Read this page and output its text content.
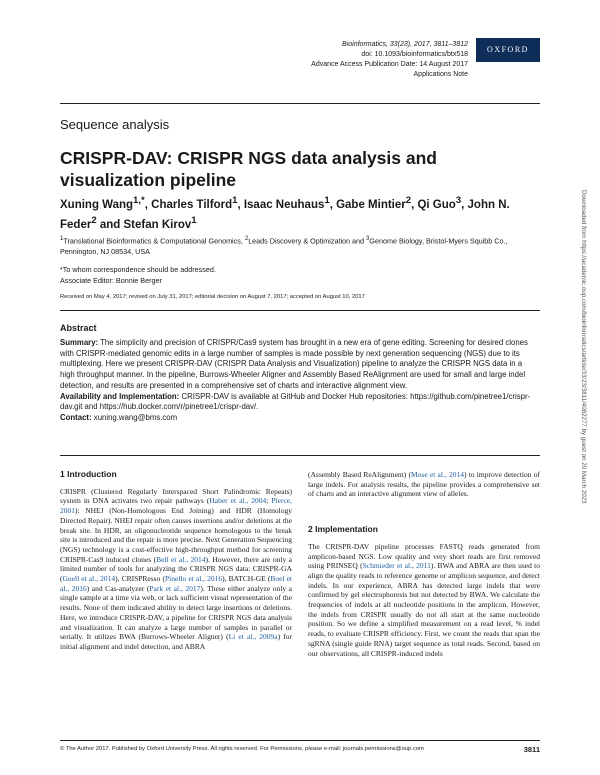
Bioinformatics, 33(23), 2017, 3811–3812
doi: 10.1093/bioinformatics/btx518
Advance Access Publication Date: 14 August 2017
Applications Note
OXFORD
Sequence analysis
CRISPR-DAV: CRISPR NGS data analysis and visualization pipeline
Xuning Wang$^{1,*}$, Charles Tilford$^1$, Isaac Neuhaus$^1$, Gabe Mintier$^2$, Qi Guo$^3$, John N. Feder$^2$ and Stefan Kirov$^1$
$^1$Translational Bioinformatics & Computational Genomics, $^2$Leads Discovery & Optimization and $^3$Genome Biology, Bristol-Myers Squibb Co., Pennington, NJ 08534, USA
*To whom correspondence should be addressed.
Associate Editor: Bonnie Berger
Received on May 4, 2017; revised on July 31, 2017; editorial decision on August 7, 2017; accepted on August 10, 2017
Abstract

Summary: The simplicity and precision of CRISPR/Cas9 system has brought in a new era of gene editing. Screening for desired clones with CRISPR-mediated genomic edits in a large number of samples is made possible by next generation sequencing (NGS) due to its multiplexing. Here we present CRISPR-DAV (CRISPR Data Analysis and Visualization) pipeline to analyze the CRISPR NGS data in a high throughput manner. In the pipeline, Burrows-Wheeler Aligner and Assembly Based ReAlignment are used for small and large indel detection, and results are presented in a comprehensive set of charts and interactive alignment view.

Availability and Implementation: CRISPR-DAV is available at GitHub and Docker Hub repositories: https://github.com/pinetree1/crispr-dav.git and https://hub.docker.com/r/pinetree1/crispr-dav/.

Contact: xuning.wang@bms.com

1 Introduction

CRISPR (Clustered Regularly Interspaced Short Palindromic Repeats) system in DNA activates two repair pathways (Haber et al., 2004; Pierce, 2001): NHEJ (Non-Homologous End Joining) and HDR (Homology Directed Repair). NHEJ repair often causes insertions and/or deletions at the break site. In HDR, an oligonucleotide sequence homologous to the break site is introduced and the repair is more precise. Next Generation Sequencing (NGS) technology is a cost-effective high-throughput method for screening CRISPR-Cas9 induced clones (Bell et al., 2014). However, there are only a limited number of tools for analyzing the CRISPR NGS data: CRISPR-GA (Guell et al., 2014), CRISPResso (Pinello et al., 2016), BATCH-GE (Boel et al., 2016) and Cas-analyzer (Park et al., 2017). These either analyze only a single sample at a time via web, or lack sufficient visual representation of the results. None of them indicated ability to detect large insertions or deletions. Here, we introduce CRISPR-DAV, a pipeline for CRISPR NGS data analysis and visualization. It can analyze a large number of samples in parallel or serially. It utilizes BWA (Burrows-Wheeler Aligner) (Li et al., 2009a) for initial alignment and indel detection, and ABRA

(Assembly Based ReAlignment) (Mose et al., 2014) to improve detection of large indels. For analysis results, the pipeline provides a comprehensive set of charts and an interactive alignment view of alleles.

2 Implementation

The CRISPR-DAV pipeline processes FASTQ reads generated from amplicon-based NGS. Low quality and very short reads are first removed using PRINSEQ (Schmieder et al., 2011). BWA and ABRA are then used to align the quality reads to reference genome or amplicon sequence, and detect indels. In our experience, ABRA has detected large indels that were confirmed by gel electrophoresis but not detected by BWA. We calculate the frequencies of indels at all nucleotide positions in the amplicon. However, the indels from CRISPR usually do not all start at the same nucleotide position. So we define a simplified measurement on a read level, % indel reads, to evaluate CRISPR efficiency. First, we count the reads that span the sgRNA (single guide RNA) target sequence as total reads. Second, based on our observations, all CRISPR-induced indels

© The Author 2017. Published by Oxford University Press. All rights reserved. For Permissions, please e-mail: journals.permissions@oup.com	3811
Downloaded from https://academic.oup.com/bioinformatics/article/33/23/3811/4082277 by guest on 20 March 2023
